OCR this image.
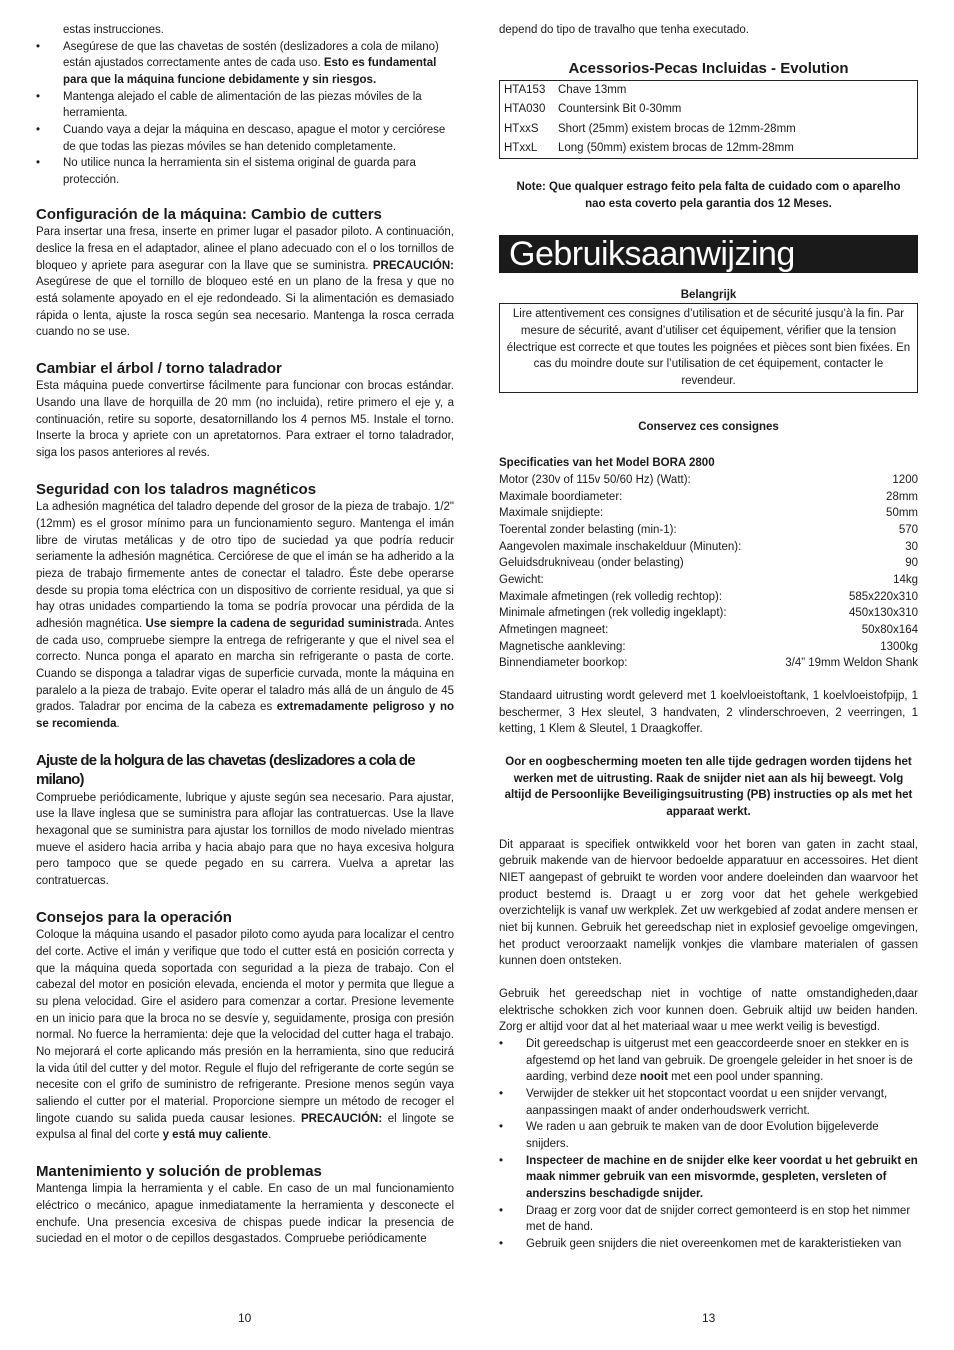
estas instrucciones.

• Asegúrese de que las chavetas de sostén (deslizadores a cola de milano) están ajustados correctamente antes de cada uso. Esto es fundamental para que la máquina funcione debidamente y sin riesgos.
• Mantenga alejado el cable de alimentación de las piezas móviles de la herramienta.
• Cuando vaya a dejar la máquina en descaso, apague el motor y cerciórese de que todas las piezas móviles se han detenido completamente.
• No utilice nunca la herramienta sin el sistema original de guarda para protección.
Configuración de la máquina: Cambio de cutters

Para insertar una fresa, inserte en primer lugar el pasador piloto. A continuación, deslice la fresa en el adaptador, alinee el plano adecuado con el o los tornillos de bloqueo y apriete para asegurar con la llave que se suministra. PRECAUCIÓN: Asegúrese de que el tornillo de bloqueo esté en un plano de la fresa y que no está solamente apoyado en el eje redondeado. Si la alimentación es demasiado rápida o lenta, ajuste la rosca según sea necesario. Mantenga la rosca cerrada cuando no se use.

Cambiar el árbol / torno taladrador

Esta máquina puede convertirse fácilmente para funcionar con brocas estándar. Usando una llave de horquilla de 20 mm (no incluida), retire primero el eje y, a continuación, retire su soporte, desatornillando los 4 pernos M5. Instale el torno. Inserte la broca y apriete con un apretatornos. Para extraer el torno taladrador, siga los pasos anteriores al revés.

Seguridad con los taladros magnéticos

La adhesión magnética del taladro depende del grosor de la pieza de trabajo. 1/2" (12mm) es el grosor mínimo para un funcionamiento seguro. Mantenga el imán libre de virutas metálicas y de otro tipo de suciedad ya que podría reducir seriamente la adhesión magnética. Cerciórese de que el imán se ha adherido a la pieza de trabajo firmemente antes de conectar el taladro. Éste debe operarse desde su propia toma eléctrica con un dispositivo de corriente residual, ya que si hay otras unidades compartiendo la toma se podría provocar una pérdida de la adhesión magnética. Use siempre la cadena de seguridad suministrada. Antes de cada uso, compruebe siempre la entrega de refrigerante y que el nivel sea el correcto. Nunca ponga el aparato en marcha sin refrigerante o pasta de corte. Cuando se disponga a taladrar vigas de superficie curvada, monte la máquina en paralelo a la pieza de trabajo. Evite operar el taladro más allá de un ángulo de 45 grados. Taladrar por encima de la cabeza es extremadamente peligroso y no se recomienda.

Ajuste de la holgura de las chavetas (deslizadores a cola de milano)

Compruebe periódicamente, lubrique y ajuste según sea necesario. Para ajustar, use la llave inglesa que se suministra para aflojar las contratuercas. Use la llave hexagonal que se suministra para ajustar los tornillos de modo nivelado mientras mueve el asidero hacia arriba y hacia abajo para que no haya excesiva holgura pero tampoco que se quede pegado en su carrera. Vuelva a apretar las contratuercas.

Consejos para la operación

Coloque la máquina usando el pasador piloto como ayuda para localizar el centro del corte. Active el imán y verifique que todo el cutter está en posición correcta y que la máquina queda soportada con seguridad a la pieza de trabajo. Con el cabezal del motor en posición elevada, encienda el motor y permita que llegue a su plena velocidad. Gire el asidero para comenzar a cortar. Presione levemente en un inicio para que la broca no se desvíe y, seguidamente, prosiga con presión normal. No fuerce la herramienta: deje que la velocidad del cutter haga el trabajo. No mejorará el corte aplicando más presión en la herramienta, sino que reducirá la vida útil del cutter y del motor. Regule el flujo del refrigerante de corte según se necesite con el grifo de suministro de refrigerante. Presione menos según vaya saliendo el cutter por el material. Proporcione siempre un método de recoger el lingote cuando su salida pueda causar lesiones. PRECAUCIÓN: el lingote se expulsa al final del corte y está muy caliente.

Mantenimiento y solución de problemas

Mantenga limpia la herramienta y el cable. En caso de un mal funcionamiento eléctrico o mecánico, apague inmediatamente la herramienta y desconecte el enchufe. Una presencia excesiva de chispas puede indicar la presencia de suciedad en el motor o de cepillos desgastados. Compruebe periódicamente

depend do tipo de travalho que tenha executado.

Acessorios-Pecas Incluidas - Evolution
HTA153	Chave 13mm
HTA030	Countersink Bit 0-30mm
HTxxS	Short (25mm) existem brocas de 12mm-28mm
HTxxL	Long (50mm) existem brocas de 12mm-28mm

Note: Que qualquer estrago feito pela falta de cuidado com o aparelho nao esta coverto pela garantia dos 12 Meses.

Gebruiksaanwijzing

Belangrijk

Lire attentivement ces consignes d’utilisation et de sécurité jusqu’à la fin. Par mesure de sécurité, avant d’utiliser cet équipement, vérifier que la tension électrique est correcte et que toutes les poignées et pièces sont bien fixées. En cas du moindre doute sur l’utilisation de cet équipement, contacter le revendeur.

Conservez ces consignes

Specificaties van het Model BORA 2800

Motor (230v of 115v 50/60 Hz) (Watt):	1200
Maximale boordiameter:	28mm
Maximale snijdiepte:	50mm
Toerental zonder belasting (min-1):	570
Aangevolen maximale inschakelduur (Minuten):	30
Geluidsdrukniveau (onder belasting)	90
Gewicht:	14kg
Maximale afmetingen (rek volledig rechtop):	585x220x310
Minimale afmetingen (rek volledig ingeklapt):	450x130x310
Afmetingen magneet:	50x80x164
Magnetische aankleving:	1300kg
Binnendiameter boorkop:	3/4” 19mm Weldon Shank

Standaard uitrusting wordt geleverd met 1 koelvloeistoftank, 1 koelvloeistofpijp, 1 beschermer, 3 Hex sleutel, 3 handvaten, 2 vlinderschroeven, 2 veerringen, 1 ketting, 1 Klem & Sleutel, 1 Draagkoffer.

Oor en oogbescherming moeten ten alle tijde gedragen worden tijdens het werken met de uitrusting. Raak de snijder niet aan als hij beweegt. Volg altijd de Persoonlijke Beveiligingsuitrusting (PB) instructies op als met het apparaat werkt.

Dit apparaat is specifiek ontwikkeld voor het boren van gaten in zacht staal, gebruik makende van de hiervoor bedoelde apparatuur en accessoires. Het dient NIET aangepast of gebruikt te worden voor andere doeleinden dan waarvoor het product bestemd is. Draagt u er zorg voor dat het gehele werkgebied overzichtelijk is vanaf uw werkplek. Zet uw werkgebied af zodat andere mensen er niet bij kunnen. Gebruik het gereedschap niet in explosief gevoelige omgevingen, het product veroorzaakt namelijk vonkjes die vlambare materialen of gassen kunnen doen ontsteken.

Gebruik het gereedschap niet in vochtige of natte omstandigheden,daar elektrische schokken zich voor kunnen doen. Gebruik altijd uw beiden handen. Zorg er altijd voor dat al het materiaal waar u mee werkt veilig is bevestigd.

• Dit gereedschap is uitgerust met een geaccordeerde snoer en stekker en is afgestemd op het land van gebruik. De groengele geleider in het snoer is de aarding, verbind deze nooit met een pool under spanning.
• Verwijder de stekker uit het stopcontact voordat u een snijder vervangt, aanpassingen maakt of ander onderhoudswerk verricht.
• We raden u aan gebruik te maken van de door Evolution bijgeleverde snijders.
• Inspecteer de machine en de snijder elke keer voordat u het gebruikt en maak nimmer gebruik van een misvormde, gespleten, versleten of anderszins beschadigde snijder.
• Draag er zorg voor dat de snijder correct gemonteerd is en stop het nimmer met de hand.
• Gebruik geen snijders die niet overeenkomen met de karakteristieken van
10	13
